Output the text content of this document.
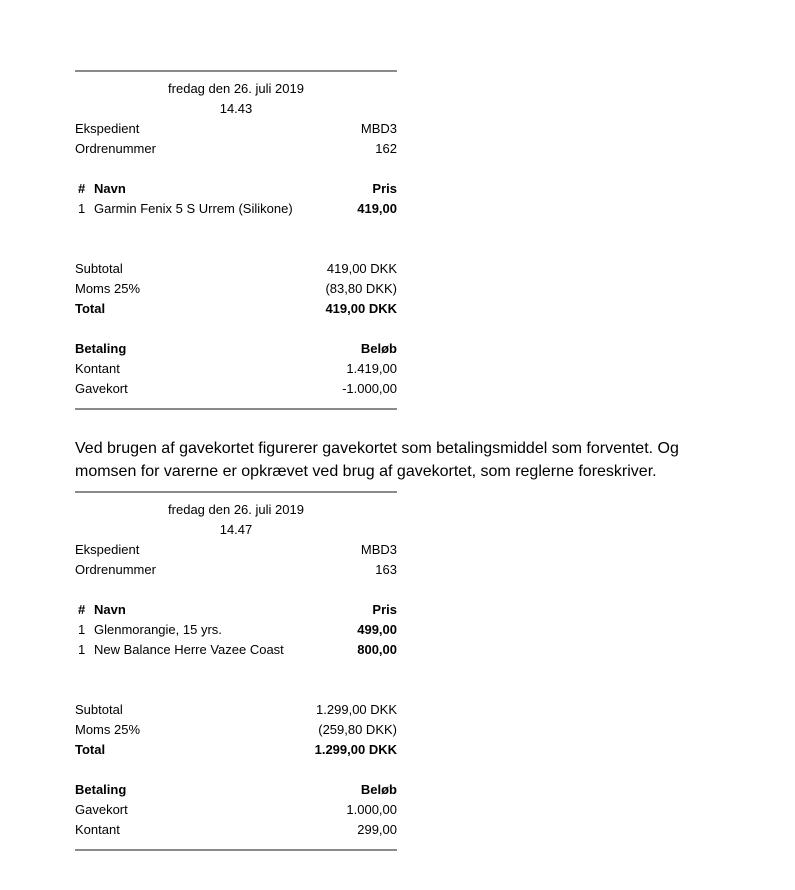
fredag den 26. juli 2019
14.43
Ekspedient	MBD3
Ordrenummer	162
# Navn	Pris
1 Garmin Fenix 5 S Urrem (Silikone)	419,00
Subtotal	419,00 DKK
Moms 25%	(83,80 DKK)
Total	419,00 DKK
Betaling	Beløb
Kontant	1.419,00
Gavekort	-1.000,00
Ved brugen af gavekortet figurerer gavekortet som betalingsmiddel som forventet. Og momsen for varerne er opkrævet ved brug af gavekortet, som reglerne foreskriver.
fredag den 26. juli 2019
14.47
Ekspedient	MBD3
Ordrenummer	163
# Navn	Pris
1 Glenmorangie, 15 yrs.	499,00
1 New Balance Herre Vazee Coast	800,00
Subtotal	1.299,00 DKK
Moms 25%	(259,80 DKK)
Total	1.299,00 DKK
Betaling	Beløb
Gavekort	1.000,00
Kontant	299,00
